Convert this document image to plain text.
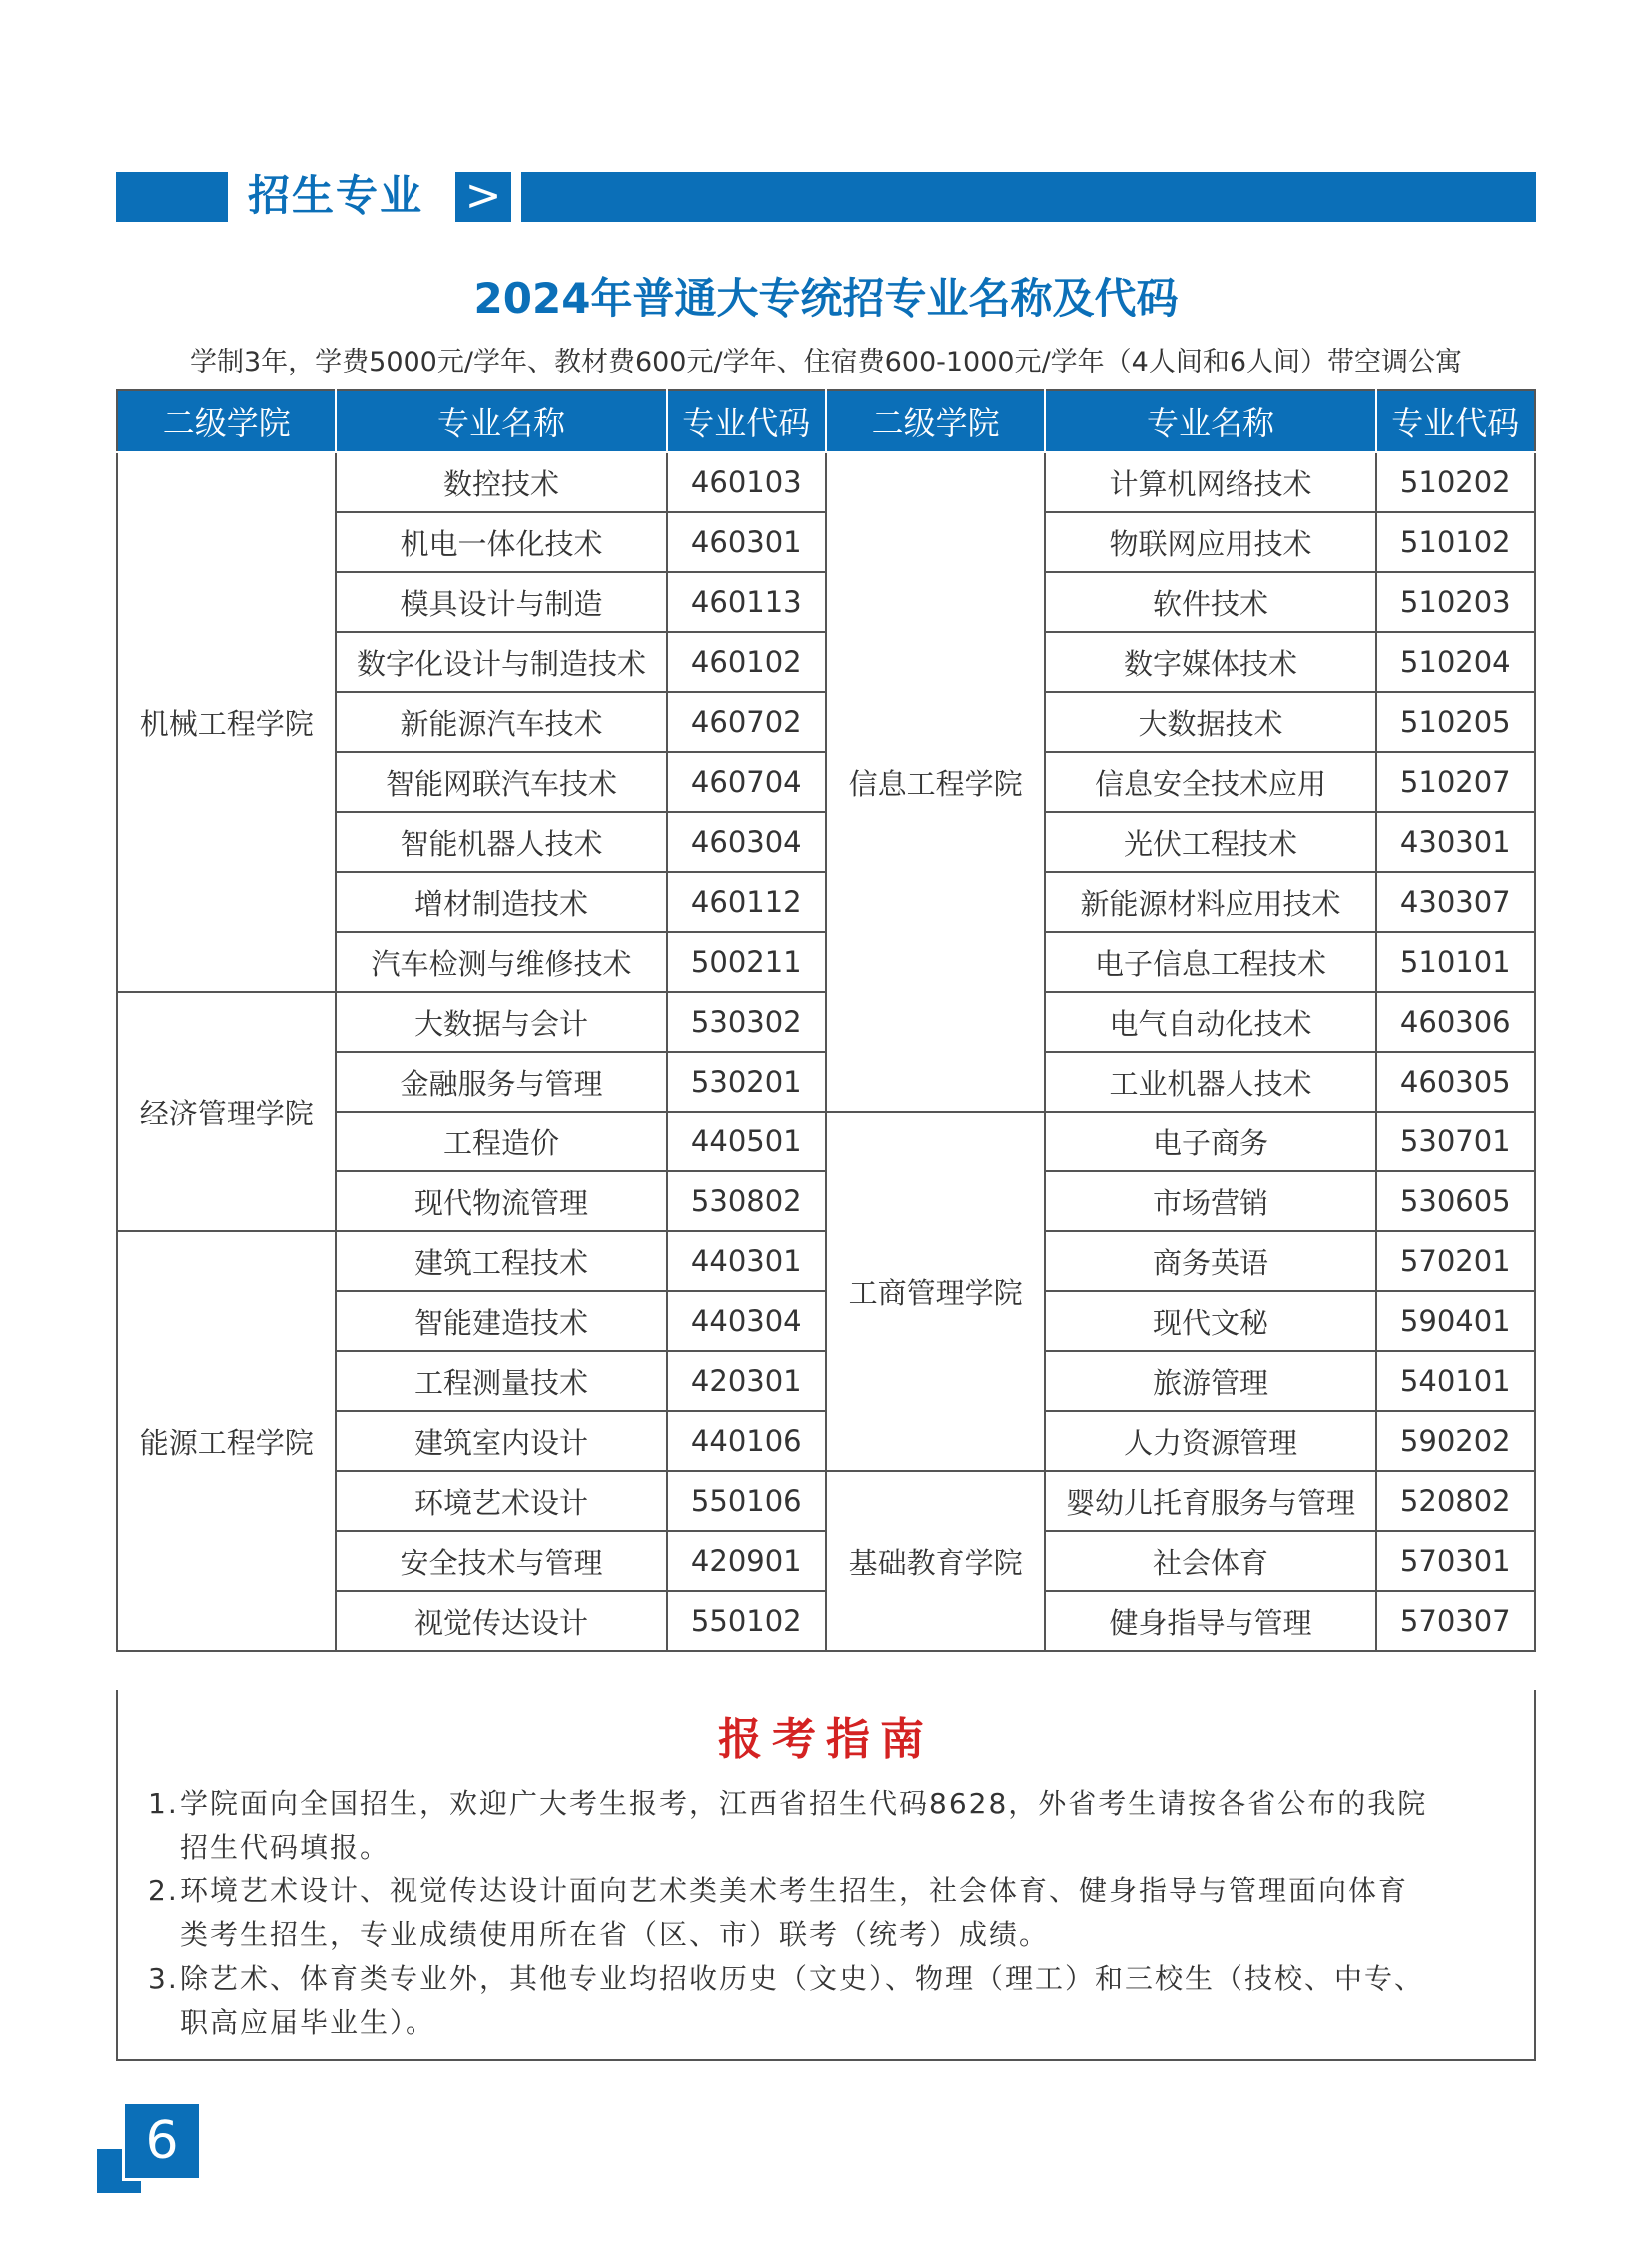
招生专业 >
2024年普通大专统招专业名称及代码
学制3年，学费5000元/学年、教材费600元/学年、住宿费600-1000元/学年（4人间和6人间）带空调公寓
二级学院	专业名称	专业代码	二级学院	专业名称	专业代码
机械工程学院	数控技术	460103	信息工程学院	计算机网络技术	510202
	机电一体化技术	460301		物联网应用技术	510102
	模具设计与制造	460113		软件技术	510203
	数字化设计与制造技术	460102		数字媒体技术	510204
	新能源汽车技术	460702		大数据技术	510205
	智能网联汽车技术	460704		信息安全技术应用	510207
	智能机器人技术	460304		光伏工程技术	430301
	增材制造技术	460112		新能源材料应用技术	430307
	汽车检测与维修技术	500211		电子信息工程技术	510101
经济管理学院	大数据与会计	530302		电气自动化技术	460306
	金融服务与管理	530201		工业机器人技术	460305
	工程造价	440501	工商管理学院	电子商务	530701
	现代物流管理	530802		市场营销	530605
能源工程学院	建筑工程技术	440301		商务英语	570201
	智能建造技术	440304		现代文秘	590401
	工程测量技术	420301		旅游管理	540101
	建筑室内设计	440106		人力资源管理	590202
	环境艺术设计	550106	基础教育学院	婴幼儿托育服务与管理	520802
	安全技术与管理	420901		社会体育	570301
	视觉传达设计	550102		健身指导与管理	570307
报考指南
1.学院面向全国招生，欢迎广大考生报考，江西省招生代码8628，外省考生请按各省公布的我院
招生代码填报。
2.环境艺术设计、视觉传达设计面向艺术类美术考生招生，社会体育、健身指导与管理面向体育
类考生招生，专业成绩使用所在省（区、市）联考（统考）成绩。
3.除艺术、体育类专业外，其他专业均招收历史（文史）、物理（理工）和三校生（技校、中专、
职高应届毕业生）。
6
